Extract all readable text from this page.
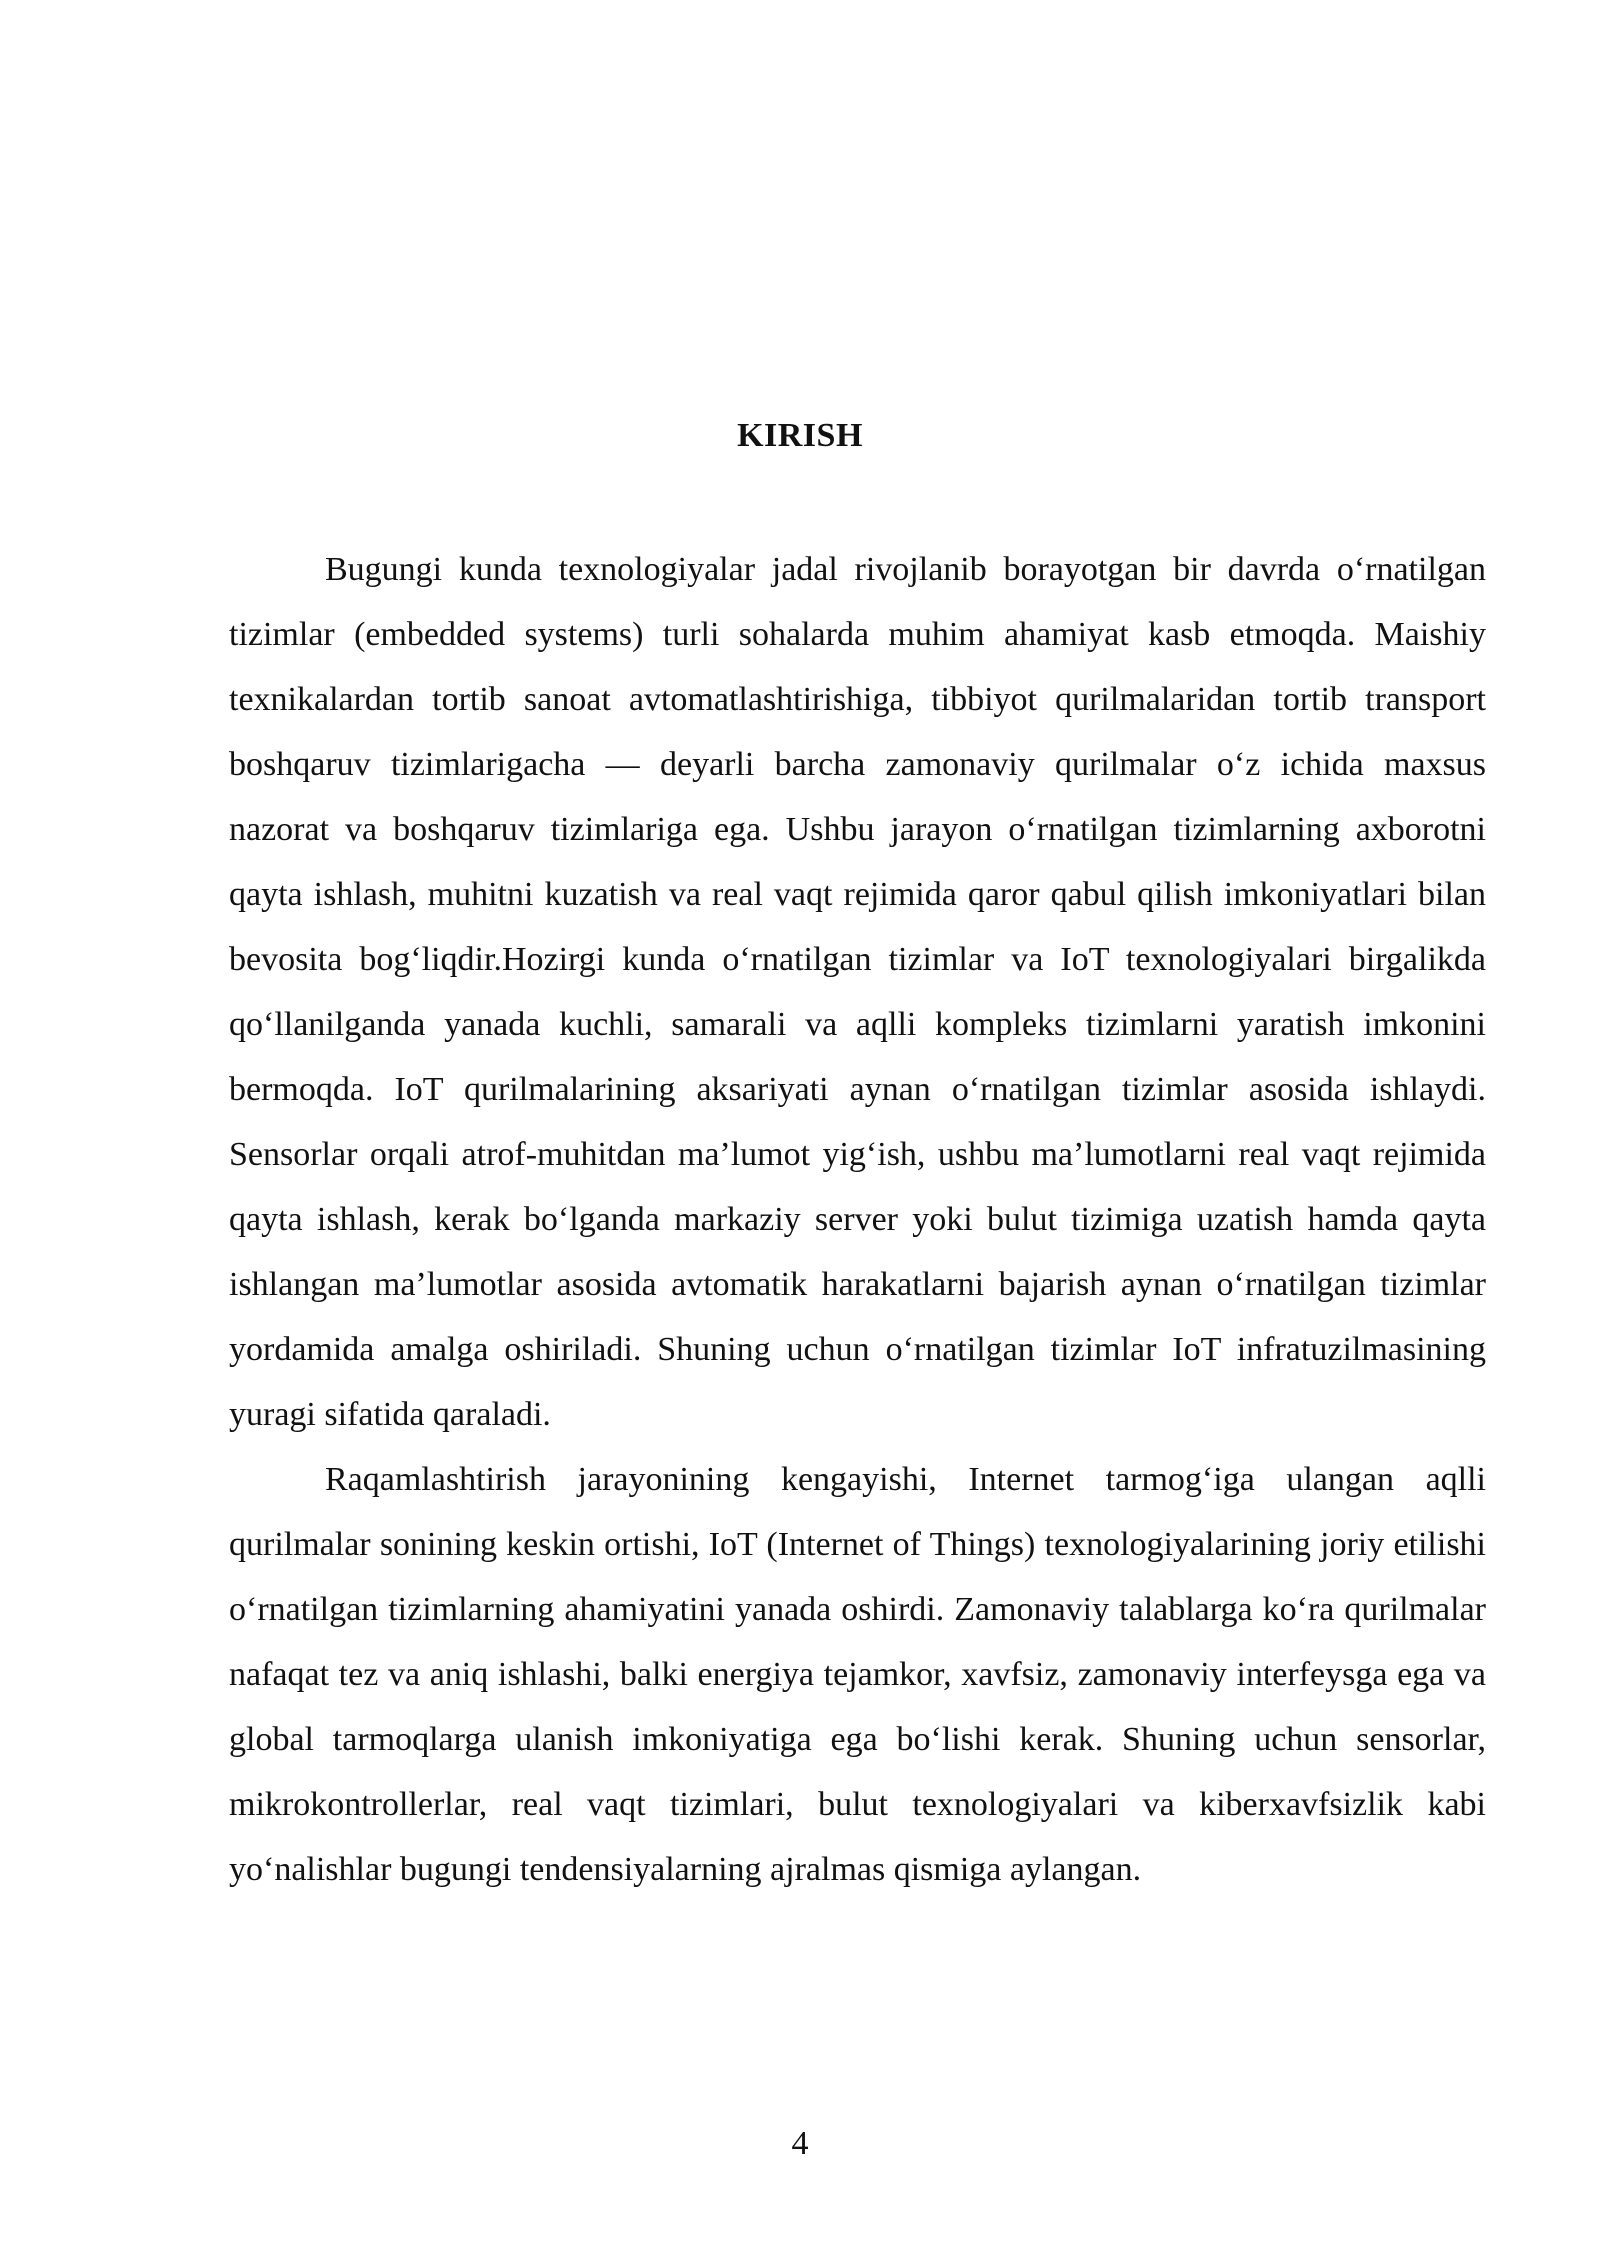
KIRISH

Bugungi kunda texnologiyalar jadal rivojlanib borayotgan bir davrda o‘rnatilgan tizimlar (embedded systems) turli sohalarda muhim ahamiyat kasb etmoqda. Maishiy texnikalardan tortib sanoat avtomatlashtirishiga, tibbiyot qurilmalaridan tortib transport boshqaruv tizimlarigacha — deyarli barcha zamonaviy qurilmalar o‘z ichida maxsus nazorat va boshqaruv tizimlariga ega. Ushbu jarayon o‘rnatilgan tizimlarning axborotni qayta ishlash, muhitni kuzatish va real vaqt rejimida qaror qabul qilish imkoniyatlari bilan bevosita bog‘liqdir.Hozirgi kunda o‘rnatilgan tizimlar va IoT texnologiyalari birgalikda qo‘llanilganda yanada kuchli, samarali va aqlli kompleks tizimlarni yaratish imkonini bermoqda. IoT qurilmalarining aksariyati aynan o‘rnatilgan tizimlar asosida ishlaydi. Sensorlar orqali atrof-muhitdan ma’lumot yig‘ish, ushbu ma’lumotlarni real vaqt rejimida qayta ishlash, kerak bo‘lganda markaziy server yoki bulut tizimiga uzatish hamda qayta ishlangan ma’lumotlar asosida avtomatik harakatlarni bajarish aynan o‘rnatilgan tizimlar yordamida amalga oshiriladi. Shuning uchun o‘rnatilgan tizimlar IoT infratuzilmasining yuragi sifatida qaraladi.

Raqamlashtirish jarayonining kengayishi, Internet tarmog‘iga ulangan aqlli qurilmalar sonining keskin ortishi, IoT (Internet of Things) texnologiyalarining joriy etilishi o‘rnatilgan tizimlarning ahamiyatini yanada oshirdi. Zamonaviy talablarga ko‘ra qurilmalar nafaqat tez va aniq ishlashi, balki energiya tejamkor, xavfsiz, zamonaviy interfeysga ega va global tarmoqlarga ulanish imkoniyatiga ega bo‘lishi kerak. Shuning uchun sensorlar, mikrokontrollerlar, real vaqt tizimlari, bulut texnologiyalari va kiberxavfsizlik kabi yo‘nalishlar bugungi tendensiyalarning ajralmas qismiga aylangan.

4
